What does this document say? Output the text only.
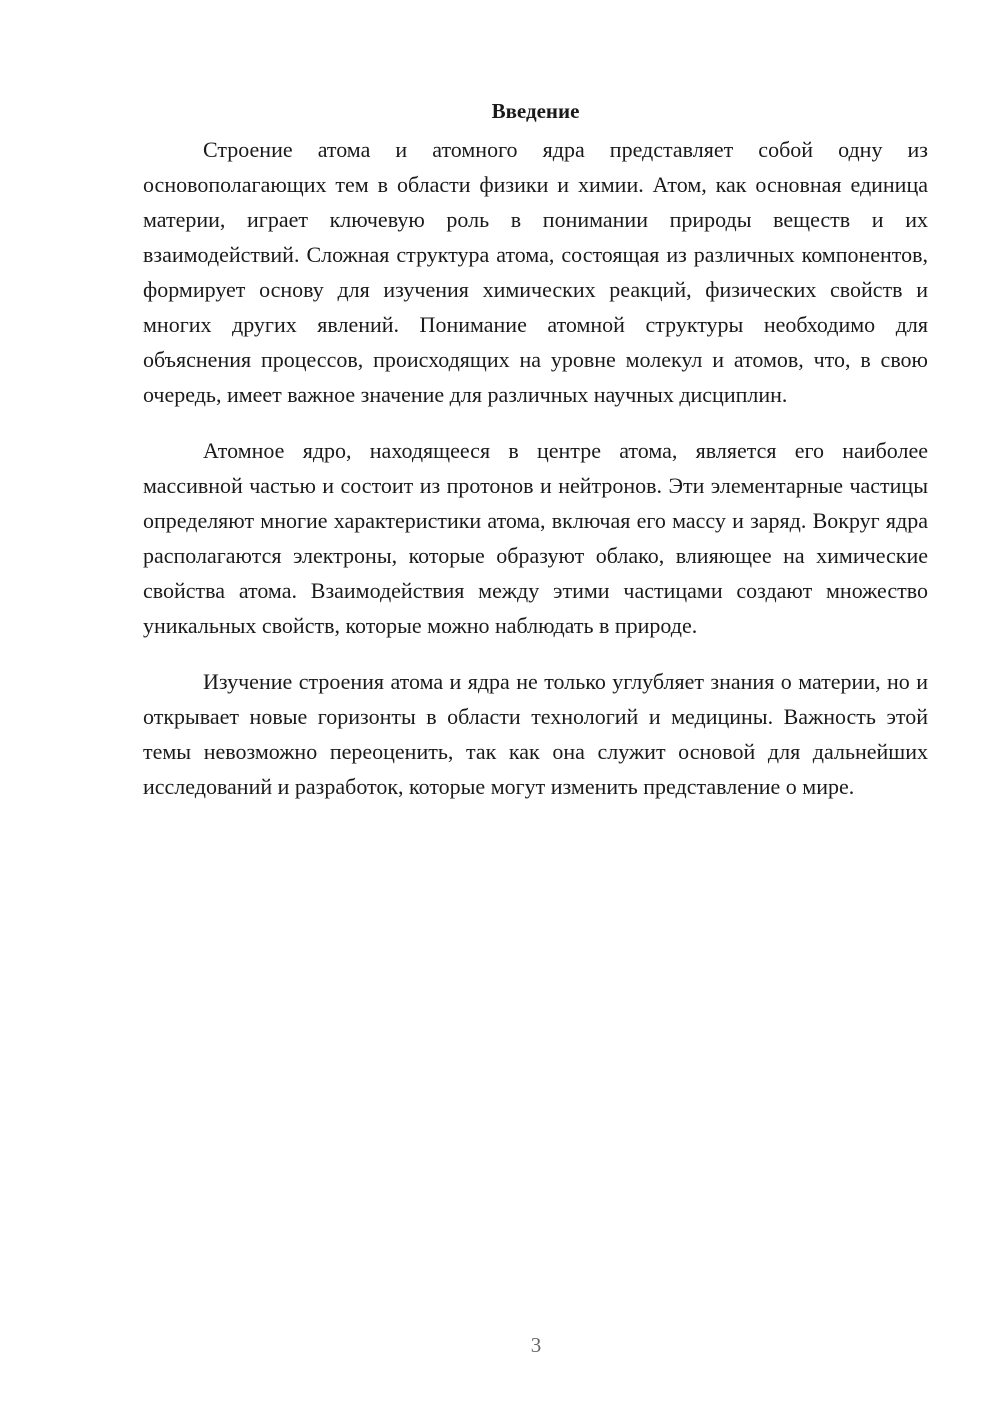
Введение

Строение атома и атомного ядра представляет собой одну из основополагающих тем в области физики и химии. Атом, как основная единица материи, играет ключевую роль в понимании природы веществ и их взаимодействий. Сложная структура атома, состоящая из различных компонентов, формирует основу для изучения химических реакций, физических свойств и многих других явлений. Понимание атомной структуры необходимо для объяснения процессов, происходящих на уровне молекул и атомов, что, в свою очередь, имеет важное значение для различных научных дисциплин.

Атомное ядро, находящееся в центре атома, является его наиболее массивной частью и состоит из протонов и нейтронов. Эти элементарные частицы определяют многие характеристики атома, включая его массу и заряд. Вокруг ядра располагаются электроны, которые образуют облако, влияющее на химические свойства атома. Взаимодействия между этими частицами создают множество уникальных свойств, которые можно наблюдать в природе.

Изучение строения атома и ядра не только углубляет знания о материи, но и открывает новые горизонты в области технологий и медицины. Важность этой темы невозможно переоценить, так как она служит основой для дальнейших исследований и разработок, которые могут изменить представление о мире.

3
